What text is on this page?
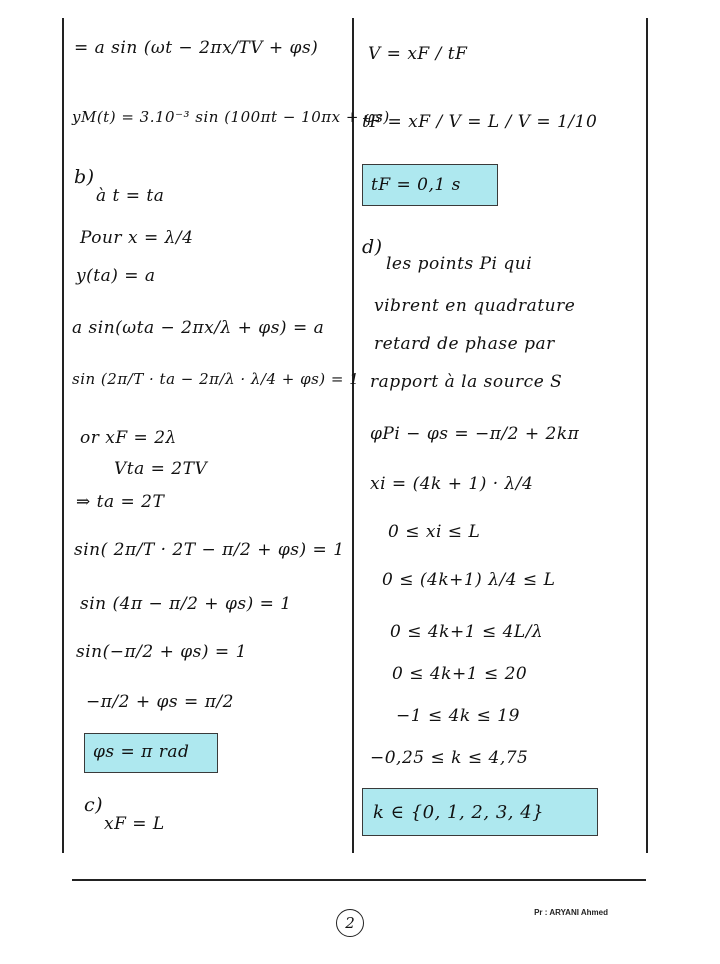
= a sin (ωt − 2πx/TV + φs)
yM(t) = 3.10⁻³ sin (100πt − 10πx + φs)
b)
à t = ta
Pour x = λ/4
y(ta) = a
a sin(ωta − 2πx/λ + φs) = a
sin (2π/T · ta − 2π/λ · λ/4 + φs) = 1
or xF = 2λ
Vta = 2TV
⇒ ta = 2T
sin( 2π/T · 2T − π/2 + φs) = 1
sin (4π − π/2 + φs) = 1
sin(−π/2 + φs) = 1
−π/2 + φs = π/2
φs = π rad
c)
xF = L
V = xF / tF
tF = xF / V = L / V = 1/10
tF = 0,1 s
d)
les points Pi qui
vibrent en quadrature
retard de phase par
rapport à la source S
φPi − φs = −π/2 + 2kπ
xi = (4k + 1) · λ/4
0 ≤ xi ≤ L
0 ≤ (4k+1) λ/4 ≤ L
0 ≤ 4k+1 ≤ 4L/λ
0 ≤ 4k+1 ≤ 20
−1 ≤ 4k ≤ 19
−0,25 ≤ k ≤ 4,75
k ∈ {0, 1, 2, 3, 4}
2
Pr : ARYANI Ahmed
